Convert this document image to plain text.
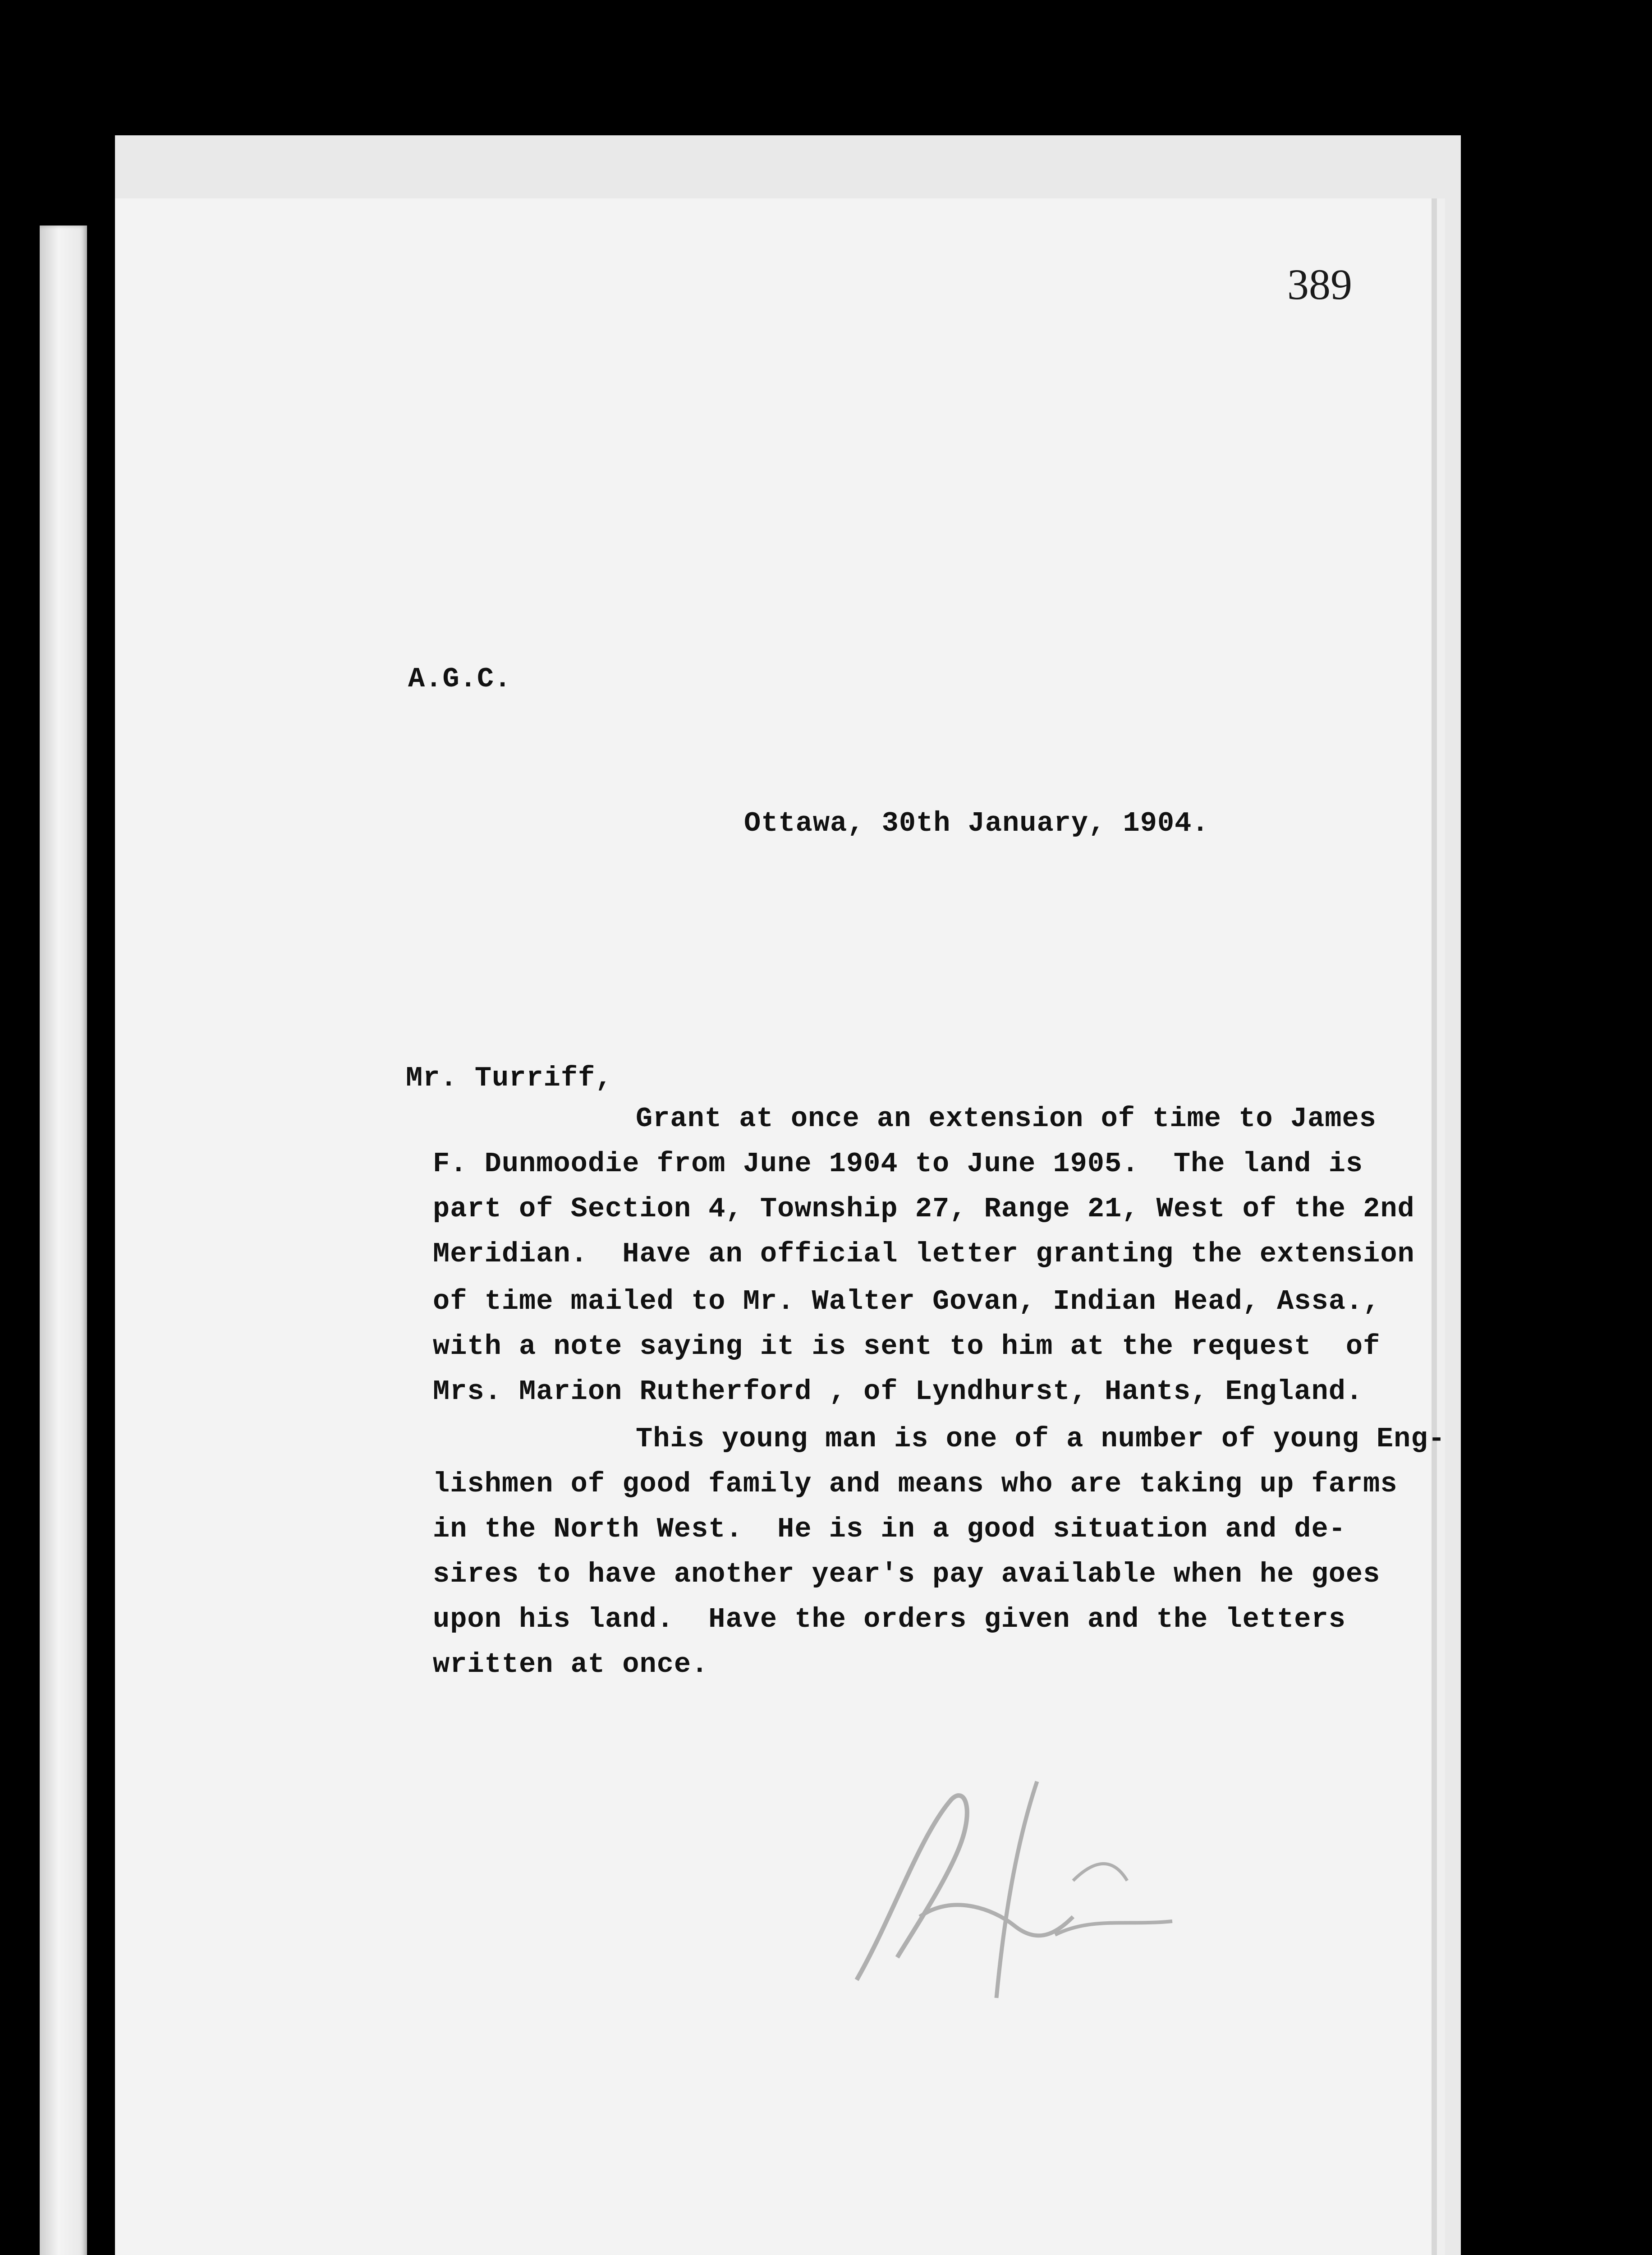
389
A.G.C.
Ottawa, 30th January, 1904.
Mr. Turriff,
Grant at once an extension of time to James
F. Dunmoodie from June 1904 to June 1905.  The land is
part of Section 4, Township 27, Range 21, West of the 2nd
Meridian.  Have an official letter granting the extension
of time mailed to Mr. Walter Govan, Indian Head, Assa.,
with a note saying it is sent to him at the request  of
Mrs. Marion Rutherford , of Lyndhurst, Hants, England.
This young man is one of a number of young Eng-
lishmen of good family and means who are taking up farms
in the North West.  He is in a good situation and de-
sires to have another year's pay available when he goes
upon his land.  Have the orders given and the letters
written at once.
